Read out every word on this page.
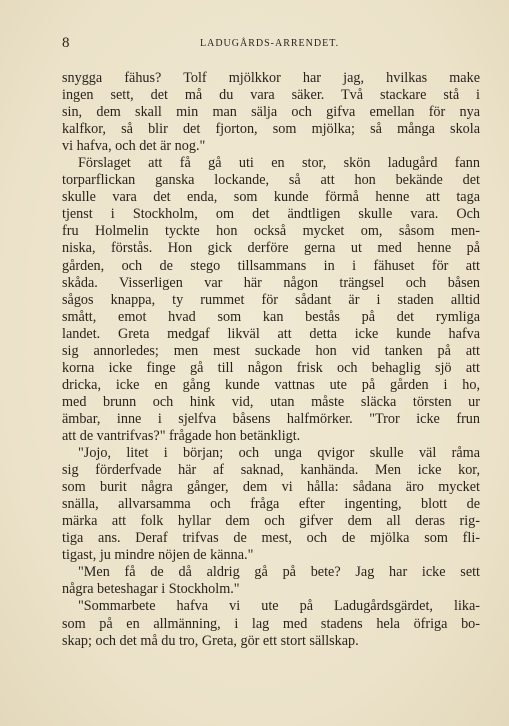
8	LADUGÅRDS-ARRENDET.
snygga fähus? Tolf mjölkkor har jag, hvilkas make
ingen sett, det må du vara säker. Två stackare stå i
sin, dem skall min man sälja och gifva emellan för nya
kalfkor, så blir det fjorton, som mjölka; så många skola
vi hafva, och det är nog."
Förslaget att få gå uti en stor, skön ladugård fann
torparflickan ganska lockande, så att hon bekände det
skulle vara det enda, som kunde förmå henne att taga
tjenst i Stockholm, om det ändtligen skulle vara. Och
fru Holmelin tyckte hon också mycket om, såsom men-
niska, förstås. Hon gick derföre gerna ut med henne på
gården, och de stego tillsammans in i fähuset för att
skåda. Visserligen var här någon trängsel och båsen
sågos knappa, ty rummet för sådant är i staden alltid
smått, emot hvad som kan bestås på det rymliga
landet. Greta medgaf likväl att detta icke kunde hafva
sig annorledes; men mest suckade hon vid tanken på att
korna icke finge gå till någon frisk och behaglig sjö att
dricka, icke en gång kunde vattnas ute på gården i ho,
med brunn och hink vid, utan måste släcka törsten ur
ämbar, inne i sjelfva båsens halfmörker. "Tror icke frun
att de vantrifvas?" frågade hon betänkligt.
"Jojo, litet i början; och unga qvigor skulle väl råma
sig förderfvade här af saknad, kanhända. Men icke kor,
som burit några gånger, dem vi hålla: sådana äro mycket
snälla, allvarsamma och fråga efter ingenting, blott de
märka att folk hyllar dem och gifver dem all deras rig-
tiga ans. Deraf trifvas de mest, och de mjölka som fli-
tigast, ju mindre nöjen de känna."
"Men få de då aldrig gå på bete? Jag har icke sett
några beteshagar i Stockholm."
"Sommarbete hafva vi ute på Ladugårdsgärdet, lika-
som på en allmänning, i lag med stadens hela öfriga bo-
skap; och det må du tro, Greta, gör ett stort sällskap.
